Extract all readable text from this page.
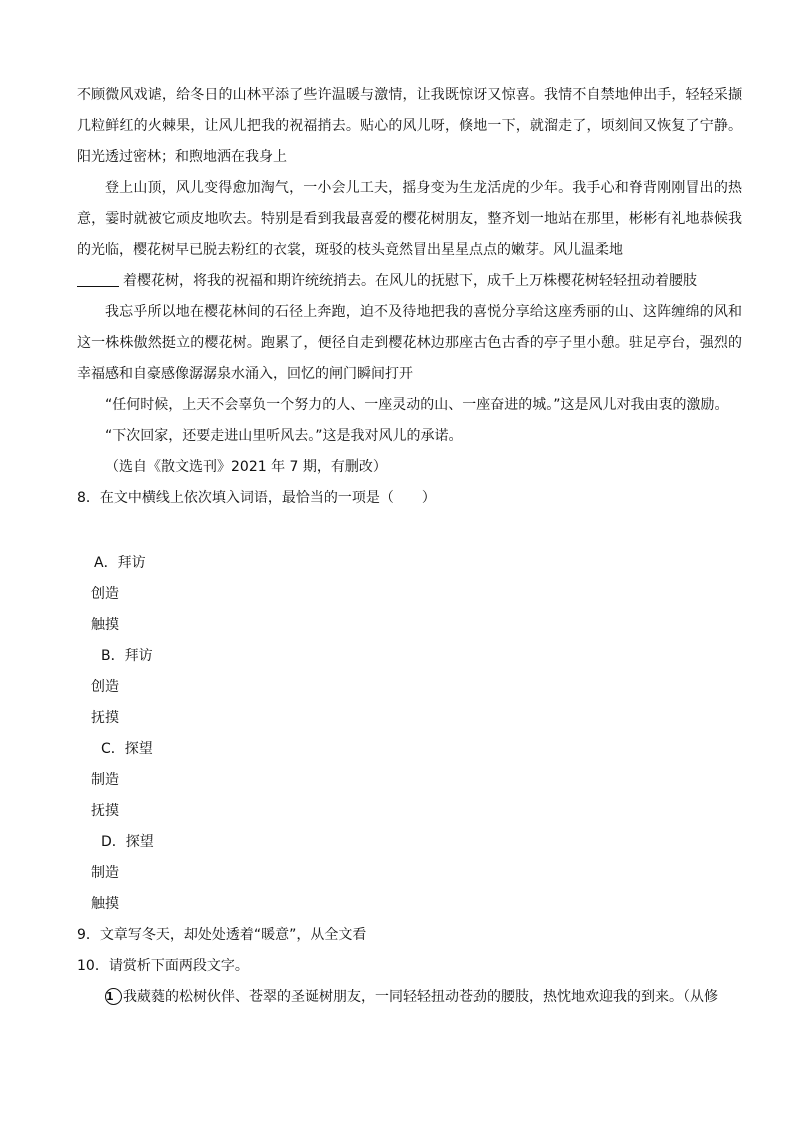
不顾微风戏谑，给冬日的山林平添了些许温暖与激情，让我既惊讶又惊喜。我情不自禁地伸出手，轻轻采撷几粒鲜红的火棘果，让风儿把我的祝福捎去。贴心的风儿呀，倏地一下，就溜走了，顷刻间又恢复了宁静。阳光透过密林；和煦地洒在我身上

登上山顶，风儿变得愈加淘气，一小会儿工夫，摇身变为生龙活虎的少年。我手心和脊背刚刚冒出的热意，霎时就被它顽皮地吹去。特别是看到我最喜爱的樱花树朋友，整齐划一地站在那里，彬彬有礼地恭候我的光临，樱花树早已脱去粉红的衣裳，斑驳的枝头竟然冒出星星点点的嫩芽。风儿温柔地

着樱花树，将我的祝福和期许统统捎去。在风儿的抚慰下，成千上万株樱花树轻轻扭动着腰肢

我忘乎所以地在樱花林间的石径上奔跑，迫不及待地把我的喜悦分享给这座秀丽的山、这阵缠绵的风和这一株株傲然挺立的樱花树。跑累了，便径自走到樱花林边那座古色古香的亭子里小憩。驻足亭台，强烈的幸福感和自豪感像潺潺泉水涌入，回忆的闸门瞬间打开

“任何时候，上天不会辜负一个努力的人、一座灵动的山、一座奋进的城。”这是风儿对我由衷的激励。

“下次回家，还要走进山里听风去。”这是我对风儿的承诺。

（选自《散文选刊》2021 年 7 期，有删改）

8．在文中横线上依次填入词语，最恰当的一项是（　　）

A．拜访

创造

触摸

B．拜访

创造

抚摸

C．探望

制造

抚摸

D．探望

制造

触摸

9．文章写冬天，却处处透着“暖意”，从全文看

10．请赏析下面两段文字。

1 我葳蕤的松树伙伴、苍翠的圣诞树朋友，一同轻轻扭动苍劲的腰肢，热忱地欢迎我的到来。（从修
